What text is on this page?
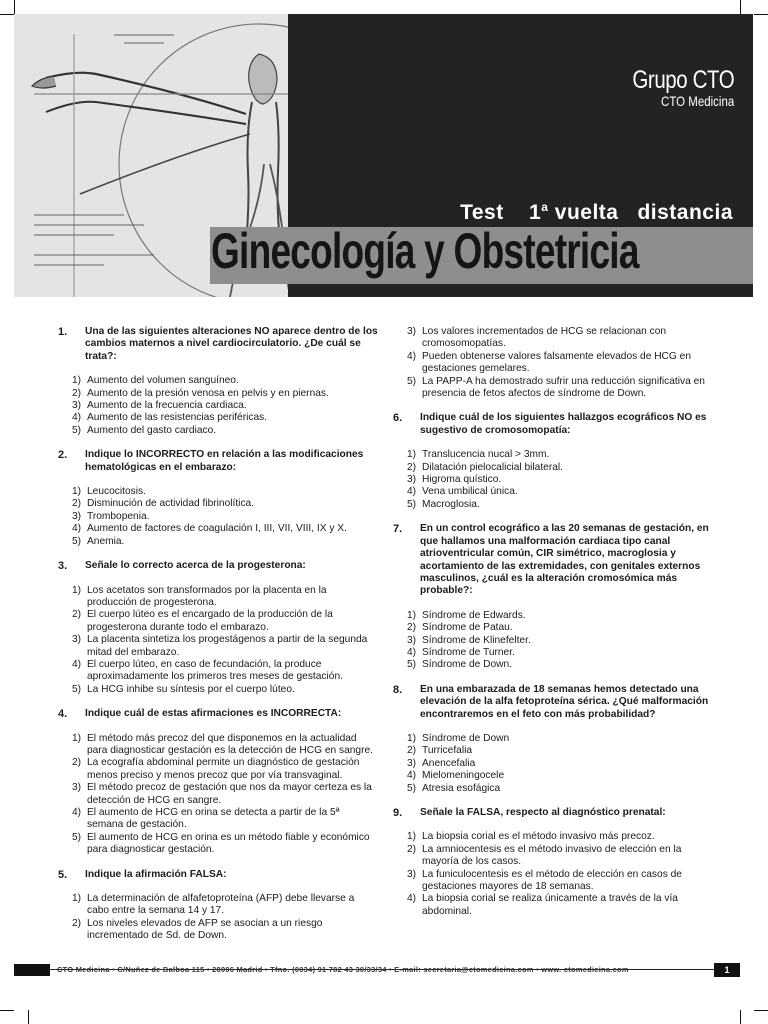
Grupo CTO
CTO Medicina
Test 1$^a$ vuelta   distancia
Ginecología y Obstetricia
1.	Una de las siguientes alteraciones NO aparece dentro de los cambios maternos a nivel cardiocirculatorio. ¿De cuál se trata?:
1) Aumento del volumen sanguíneo.
2) Aumento de la presión venosa en pelvis y en piernas.
3) Aumento de la frecuencia cardiaca.
4) Aumento de las resistencias periféricas.
5) Aumento del gasto cardiaco.
2.	Indique lo INCORRECTO en relación a las modificaciones hematológicas en el embarazo:
1) Leucocitosis.
2) Disminución de actividad fibrinolítica.
3) Trombopenia.
4) Aumento de factores de coagulación I, III, VII, VIII, IX y X.
5) Anemia.
3.	Señale lo correcto acerca de la progesterona:
1) Los acetatos son transformados por la placenta en la producción de progesterona.
2) El cuerpo lúteo es el encargado de la producción de la progesterona durante todo el embarazo.
3) La placenta sintetiza los progestágenos a partir de la segunda mitad del embarazo.
4) El cuerpo lúteo, en caso de fecundación, la produce aproximadamente los primeros tres meses de gestación.
5) La HCG inhibe su síntesis por el cuerpo lúteo.
4.	Indique cuál de estas afirmaciones es INCORRECTA:
1) El método más precoz del que disponemos en la actualidad para diagnosticar gestación es la detección de HCG en sangre.
2) La ecografía abdominal permite un diagnóstico de gestación menos preciso y menos precoz que por vía transvaginal.
3) El método precoz de gestación que nos da mayor certeza es la detección de HCG en sangre.
4) El aumento de HCG en orina se detecta a partir de la 5ª semana de gestación.
5) El aumento de HCG en orina es un método fiable y económico para diagnosticar gestación.
5.	Indique la afirmación FALSA:
1) La determinación de alfafetoproteína (AFP) debe llevarse a cabo entre la semana 14 y 17.
2) Los niveles elevados de AFP se asocian a un riesgo incrementado de Sd. de Down.
3) Los valores incrementados de HCG se relacionan con cromosomopatías.
4) Pueden obtenerse valores falsamente elevados de HCG en gestaciones gemelares.
5) La PAPP-A ha demostrado sufrir una reducción significativa en presencia de fetos afectos de síndrome de Down.
6.	Indique cuál de los siguientes hallazgos ecográficos NO es sugestivo de cromosomopatía:
1) Translucencia nucal > 3mm.
2) Dilatación pielocalicial bilateral.
3) Higroma quístico.
4) Vena umbilical única.
5) Macroglosia.
7.	En un control ecográfico a las 20 semanas de gestación, en que hallamos una malformación cardiaca tipo canal atrioventricular común, CIR simétrico, macroglosia y acortamiento de las extremidades, con genitales externos masculinos, ¿cuál es la alteración cromosómica más probable?:
1) Síndrome de Edwards.
2) Síndrome de Patau.
3) Síndrome de Klinefelter.
4) Síndrome de Turner.
5) Síndrome de Down.
8.	En una embarazada de 18 semanas hemos detectado una elevación de la alfa fetoproteína sérica. ¿Qué malformación encontraremos en el feto con más probabilidad?
1) Síndrome de Down
2) Turricefalia
3) Anencefalia
4) Mielomeningocele
5) Atresia esofágica
9.	Señale la FALSA, respecto al diagnóstico prenatal:
1) La biopsia corial es el método invasivo más precoz.
2) La amniocentesis es el método invasivo de elección en la mayoría de los casos.
3) La funiculocentesis es el método de elección en casos de gestaciones mayores de 18 semanas.
4) La biopsia corial se realiza únicamente a través de la vía abdominal.
CTO Medicina • C/Nuñez de Balboa 115 • 28006 Madrid • Tfno. (0034) 91 782 43 30/33/34 • E-mail: secretaria@ctomedicina.com • www. ctomedicina.com	1
